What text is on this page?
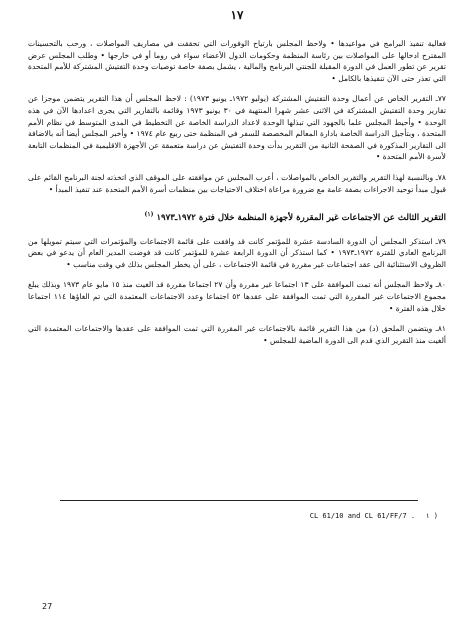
١٧

فعالية تنفيذ البرامج في مواعيدها • ولاحظ المجلس بارتياح الوفورات التي تحققت في مصاريف المواصلات ، ورحب بالتحسينات المقترح ادخالها على المواصلات بين رئاسة المنظمة وحكومات الدول الأعضاء سواء في روما أو في خارجها • وطلب المجلس عرض تقرير عن تطور العمل في الدورة المقبلة للجنتي البرنامج والمالية ، يشمل بصفة خاصة توصيات وحدة التفتيش المشتركة للأمم المتحدة التي تعذر حتى الآن تنفيذها بالكامل •

٧٧ـ التقرير الخاص عن أعمال وحدة التفتيش المشتركة (يوليو ١٩٧٢ـ يونيو ١٩٧٣) : لاحظ المجلس أن هذا التقرير يتضمن موجزا عن تقارير وحدة التفتيش المشتركة في الاثنى عشر شهرا المنتهية في ٣٠ يونيو ١٩٧٣ وقائمة بالتقارير التي يجرى اعدادها الآن في هذه الوحدة • وأحيط المجلس علما بالجهود التي تبذلها الوحدة لاعداد الدراسة الخاصة عن التخطيط في المدى المتوسط في نظام الأمم المتحدة ، وبتأجيل الدراسة الخاصة بادارة المعالم المخصصة للسفر في المنظمة حتى ربيع عام ١٩٧٤ • وأخبر المجلس أيضا أنه بالاضافة الى التقارير المذكورة في الصفحة الثانية من التقرير بدأت وحدة التفتيش عن دراسة متعمقة عن الأجهزة الاقليمية في المنظمات التابعة لأسرة الأمم المتحدة •

٧٨ـ وبالنسبة لهذا التقرير والتقرير الخاص بالمواصلات ، أعرب المجلس عن موافقته على الموقف الذي اتخذته لجنة البرنامج القائم على قبول مبدأ توحيد الاجراءات بصفة عامة مع ضرورة مراعاة اختلاف الاحتياجات بين منظمات أسرة الأمم المتحدة عند تنفيذ المبدأ •

التقرير الثالث عن الاجتماعات غير المقررة لأجهزة المنظمة خلال فترة ١٩٧٢ـ١٩٧٣ $^{(١)}$

٧٩ـ استذكر المجلس أن الدورة السادسة عشرة للمؤتمر كانت قد وافقت على قائمة الاجتماعات والمؤتمرات التي سيتم تمويلها من البرنامج العادي للفترة ١٩٧٢ـ١٩٧٣ • كما استذكر أن الدورة الرابعة عشرة للمؤتمر كانت قد فوضت المدير العام أن يدعو في بعض الظروف الاستثنائية الى عقد اجتماعات غير مقررة في قائمة الاجتماعات ، على أن يخطر المجلس بذلك في وقت مناسب •

٨٠ـ ولاحظ المجلس أنه تمت الموافقة على ١٣ اجتماعا غير مقررة وأن ٢٧ اجتماعا مقررة قد الغيت منذ ١٥ مايو عام ١٩٧٣ وبذلك يبلغ مجموع الاجتماعات غير المقررة التي تمت الموافقة على عقدها ٥٢ اجتماعا وعدد الاجتماعات المعتمدة التي تم الغاؤها ١١٤ اجتماعا خلال هذه الفترة •

٨١ـ ويتضمن الملحق (د) من هذا التقرير قائمة بالاجتماعات غير المقررة التي تمت الموافقة على عقدها والاجتماعات المعتمدة التي ألغيت منذ التقرير الذي قدم الى الدورة الماضية للمجلس •

CL 61/10 and CL 61/FF/7 . ١ )
27
